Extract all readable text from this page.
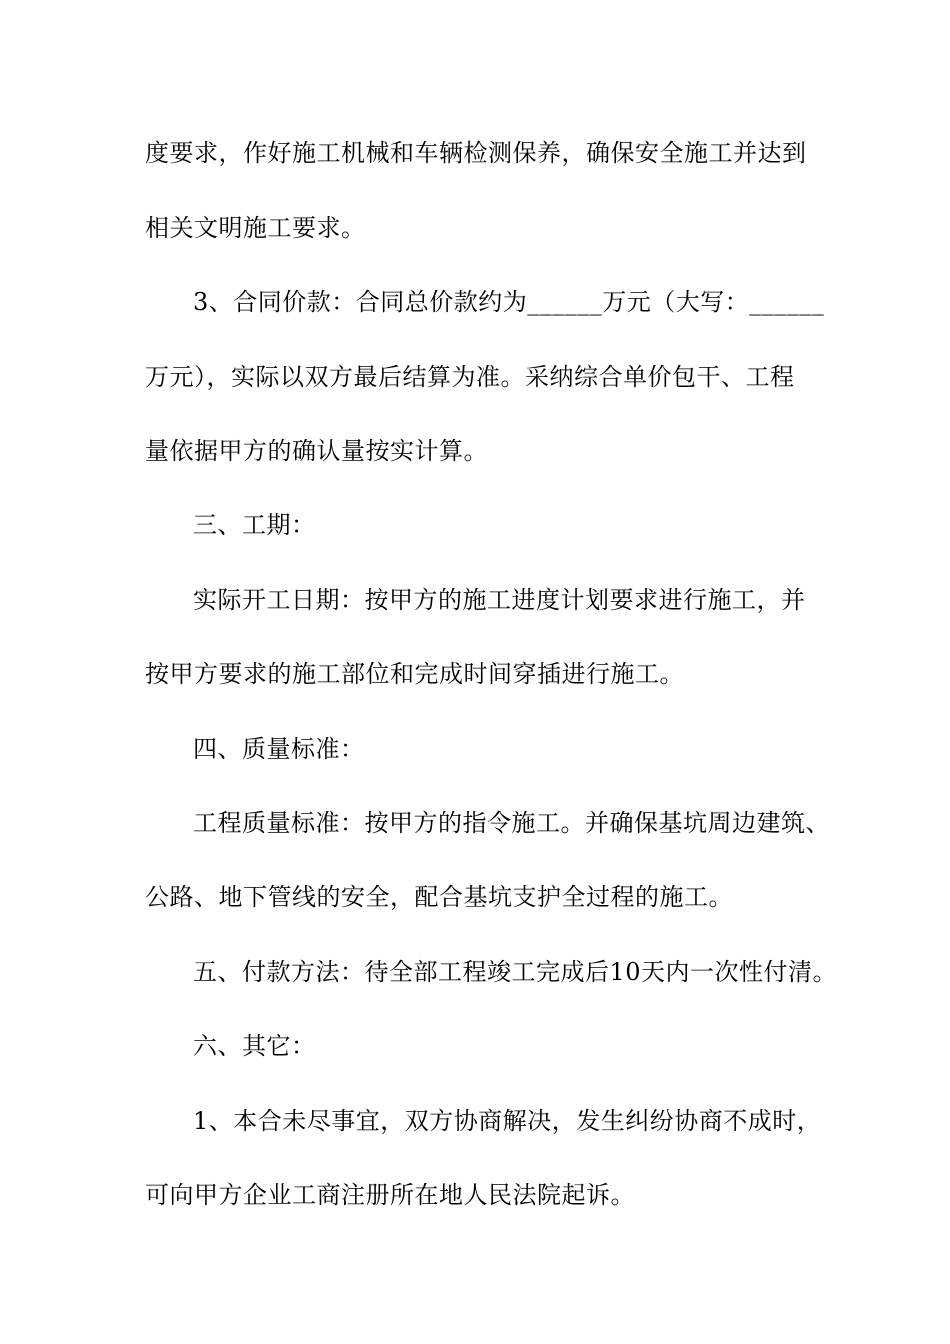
度要求，作好施工机械和车辆检测保养，确保安全施工并达到
相关文明施工要求。
3、合同价款：合同总价款约为______万元（大写：______
万元），实际以双方最后结算为准。采纳综合单价包干、工程
量依据甲方的确认量按实计算。
三、工期：
实际开工日期：按甲方的施工进度计划要求进行施工，并
按甲方要求的施工部位和完成时间穿插进行施工。
四、质量标准：
工程质量标准：按甲方的指令施工。并确保基坑周边建筑、
公路、地下管线的安全，配合基坑支护全过程的施工。
五、付款方法：待全部工程竣工完成后10天内一次性付清。
六、其它：
1、本合未尽事宜，双方协商解决，发生纠纷协商不成时，
可向甲方企业工商注册所在地人民法院起诉。
